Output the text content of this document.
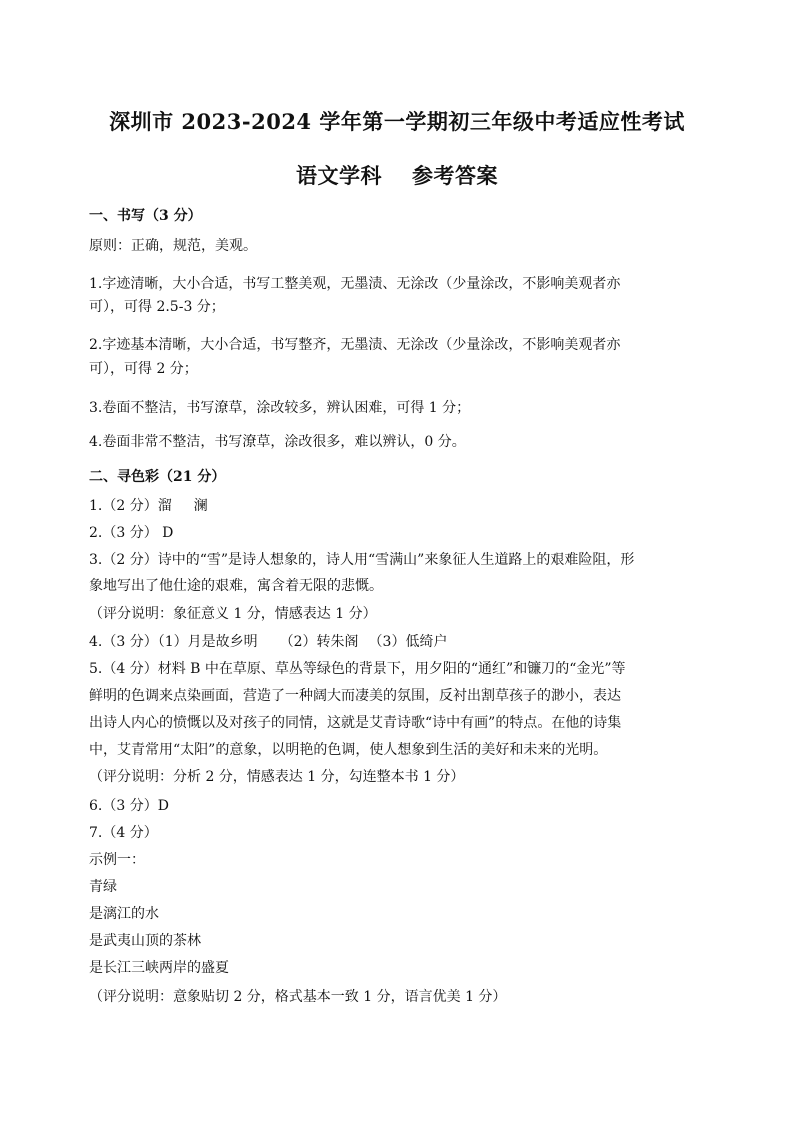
深圳市 2023-2024 学年第一学期初三年级中考适应性考试
语文学科 参考答案
一、书写（3 分）
原则：正确，规范，美观。
1.字迹清晰，大小合适，书写工整美观，无墨渍、无涂改（少量涂改，不影响美观者亦
可），可得 2.5-3 分；
2.字迹基本清晰，大小合适，书写整齐，无墨渍、无涂改（少量涂改，不影响美观者亦
可），可得 2 分；
3.卷面不整洁，书写潦草，涂改较多，辨认困难，可得 1 分；
4.卷面非常不整洁，书写潦草，涂改很多，难以辨认，0 分。
二、寻色彩（21 分）
1.（2 分）溜 澜
2.（3 分） D
3.（2 分）诗中的“雪”是诗人想象的，诗人用“雪满山”来象征人生道路上的艰难险阻，形
象地写出了他仕途的艰难，寓含着无限的悲慨。
（评分说明：象征意义 1 分，情感表达 1 分）
4.（3 分）（1）月是故乡明 （2）转朱阁 （3）低绮户
5.（4 分）材料 B 中在草原、草丛等绿色的背景下，用夕阳的“通红”和镰刀的“金光”等
鲜明的色调来点染画面，营造了一种阔大而凄美的氛围，反衬出割草孩子的渺小，表达
出诗人内心的愤慨以及对孩子的同情，这就是艾青诗歌“诗中有画”的特点。在他的诗集
中，艾青常用“太阳”的意象，以明艳的色调，使人想象到生活的美好和未来的光明。
（评分说明：分析 2 分，情感表达 1 分，勾连整本书 1 分）
6.（3 分）D
7.（4 分）
示例一：
青绿
是漓江的水
是武夷山顶的茶林
是长江三峡两岸的盛夏
（评分说明：意象贴切 2 分，格式基本一致 1 分，语言优美 1 分）
